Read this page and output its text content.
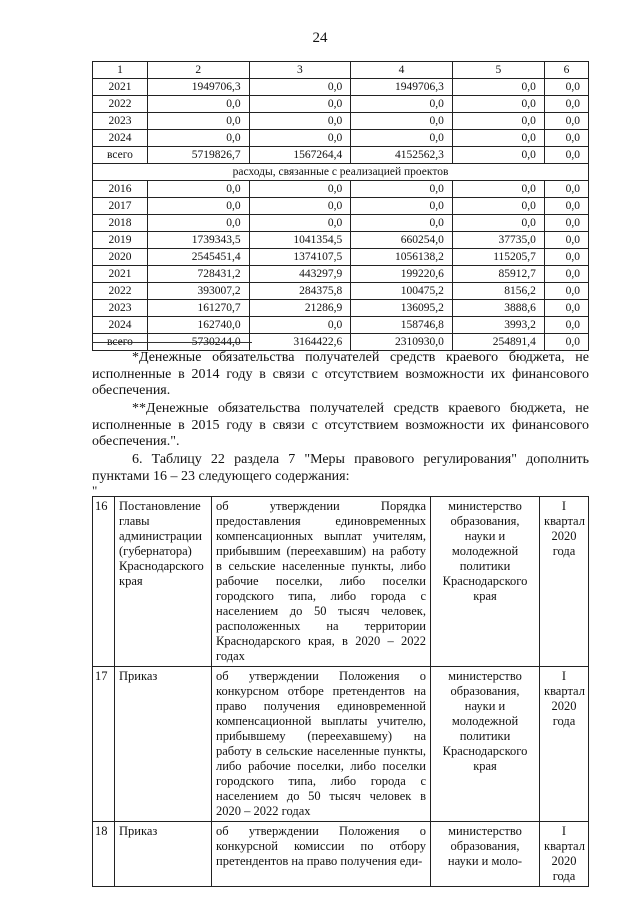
24
1	2	3	4	5	6
2021	1949706,3	0,0	1949706,3	0,0	0,0
2022	0,0	0,0	0,0	0,0	0,0
2023	0,0	0,0	0,0	0,0	0,0
2024	0,0	0,0	0,0	0,0	0,0
всего	5719826,7	1567264,4	4152562,3	0,0	0,0
расходы, связанные с реализацией проектов					
2016	0,0	0,0	0,0	0,0	0,0
2017	0,0	0,0	0,0	0,0	0,0
2018	0,0	0,0	0,0	0,0	0,0
2019	1739343,5	1041354,5	660254,0	37735,0	0,0
2020	2545451,4	1374107,5	1056138,2	115205,7	0,0
2021	728431,2	443297,9	199220,6	85912,7	0,0
2022	393007,2	284375,8	100475,2	8156,2	0,0
2023	161270,7	21286,9	136095,2	3888,6	0,0
2024	162740,0	0,0	158746,8	3993,2	0,0
всего	5730244,0	3164422,6	2310930,0	254891,4	0,0
*Денежные обязательства получателей средств краевого бюджета, не исполненные в 2014 году в связи с отсутствием возможности их финансового обеспечения.
**Денежные обязательства получателей средств краевого бюджета, не исполненные в 2015 году в связи с отсутствием возможности их финансового обеспечения.".
6. Таблицу 22 раздела 7 "Меры правового регулирования" дополнить пунктами 16 – 23 следующего содержания:
"
16	Постановление главы администрации (губернатора) Краснодарского края	об утверждении Порядка предоставления единовременных компенсационных выплат учителям, прибывшим (переехавшим) на работу в сельские населенные пункты, либо рабочие поселки, либо поселки городского типа, либо города с населением до 50 тысяч человек, расположенных на территории Краснодарского края, в 2020 – 2022 годах	министерство образования, науки и молодежной политики Краснодарского края	I квартал 2020 года
17	Приказ	об утверждении Положения о конкурсном отборе претендентов на право получения единовременной компенсационной выплаты учителю, прибывшему (переехавшему) на работу в сельские населенные пункты, либо рабочие поселки, либо поселки городского типа, либо города с населением до 50 тысяч человек в 2020 – 2022 годах	министерство образования, науки и молодежной политики Краснодарского края	I квартал 2020 года
18	Приказ	об утверждении Положения о конкурсной комиссии по отбору претендентов на право получения еди-	министерство образования, науки и моло-	I квартал 2020 года
